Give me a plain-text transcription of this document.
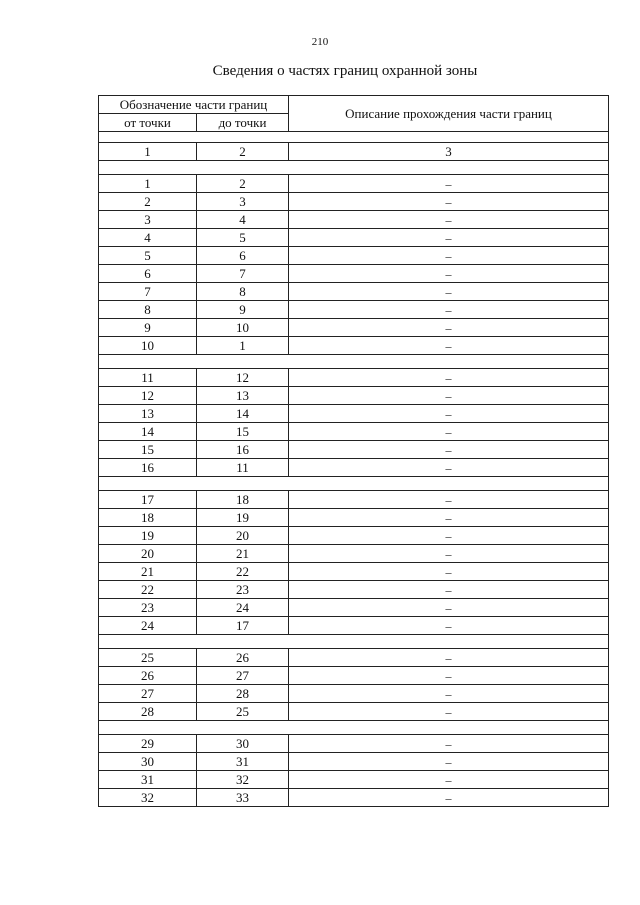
210
Сведения о частях границ охранной зоны
Обозначение части границ		Описание прохождения части границ
от точки	до точки	

1	2	3

1	2	–
2	3	–
3	4	–
4	5	–
5	6	–
6	7	–
7	8	–
8	9	–
9	10	–
10	1	–

11	12	–
12	13	–
13	14	–
14	15	–
15	16	–
16	11	–

17	18	–
18	19	–
19	20	–
20	21	–
21	22	–
22	23	–
23	24	–
24	17	–

25	26	–
26	27	–
27	28	–
28	25	–

29	30	–
30	31	–
31	32	–
32	33	–
